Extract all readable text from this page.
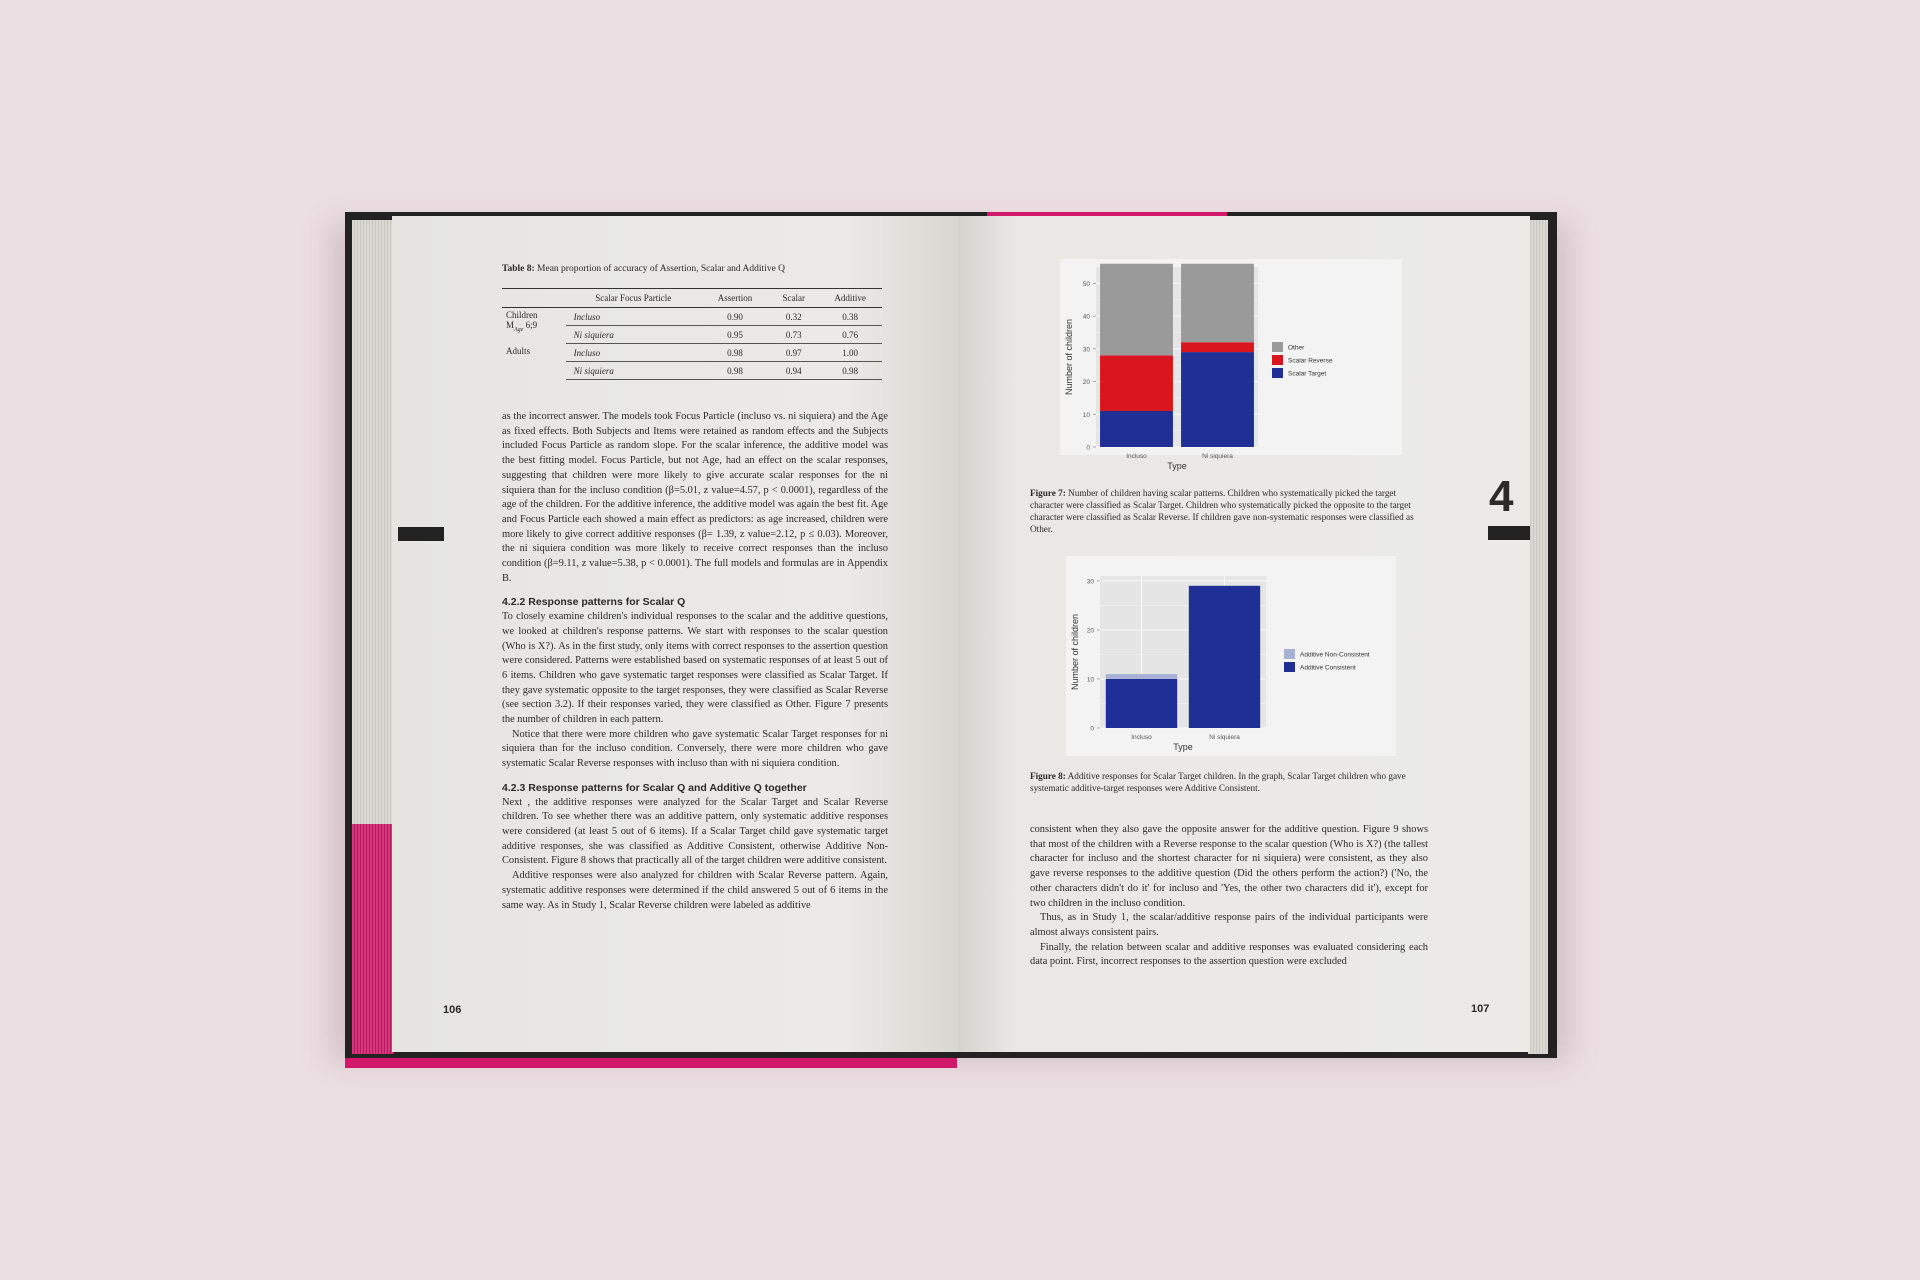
Table 8: Mean proportion of accuracy of Assertion, Scalar and Additive Q
	Scalar Focus Particle	Assertion	Scalar	Additive
Children
$M_{Age}$ 6;9	Incluso	0.90	0.32	0.38
	Ni siquiera	0.95	0.73	0.76
Adults	Incluso	0.98	0.97	1.00
	Ni siquiera	0.98	0.94	0.98

as the incorrect answer. The models took Focus Particle (incluso vs. ni siquiera) and the Age as fixed effects. Both Subjects and Items were retained as random effects and the Subjects included Focus Particle as random slope. For the scalar inference, the additive model was the best fitting model. Focus Particle, but not Age, had an effect on the scalar responses, suggesting that children were more likely to give accurate scalar responses for the ni siquiera than for the incluso condition (β=5.01, z value=4.57, p < 0.0001), regardless of the age of the children. For the additive inference, the additive model was again the best fit. Age and Focus Particle each showed a main effect as predictors: as age increased, children were more likely to give correct additive responses (β= 1.39, z value=2.12, p ≤ 0.03). Moreover, the ni siquiera condition was more likely to receive correct responses than the incluso condition (β=9.11, z value=5.38, p < 0.0001). The full models and formulas are in Appendix B.

4.2.2 Response patterns for Scalar Q

To closely examine children's individual responses to the scalar and the additive questions, we looked at children's response patterns. We start with responses to the scalar question (Who is X?). As in the first study, only items with correct responses to the assertion question were considered. Patterns were established based on systematic responses of at least 5 out of 6 items. Children who gave systematic target responses were classified as Scalar Target. If they gave systematic opposite to the target responses, they were classified as Scalar Reverse (see section 3.2). If their responses varied, they were classified as Other. Figure 7 presents the number of children in each pattern.

Notice that there were more children who gave systematic Scalar Target responses for ni siquiera than for the incluso condition. Conversely, there were more children who gave systematic Scalar Reverse responses with incluso than with ni siquiera condition.

4.2.3 Response patterns for Scalar Q and Additive Q together

Next , the additive responses were analyzed for the Scalar Target and Scalar Reverse children. To see whether there was an additive pattern, only systematic additive responses were considered (at least 5 out of 6 items). If a Scalar Target child gave systematic target additive responses, she was classified as Additive Consistent, otherwise Additive Non-Consistent. Figure 8 shows that practically all of the target children were additive consistent.

Additive responses were also analyzed for children with Scalar Reverse pattern. Again, systematic additive responses were determined if the child answered 5 out of 6 items in the same way. As in Study 1, Scalar Reverse children were labeled as additive

106
0
10
20
30
40
50
Incluso	Ni siquiera
Type
Number of children	Other
Scalar Reverse
Scalar Target
Figure 7: Number of children having scalar patterns. Children who systematically picked the target character were classified as Scalar Target. Children who systematically picked the opposite to the target character were classified as Scalar Reverse. If children gave non-systematic responses were classified as Other.
0
10
20
30
Incluso	Ni siquiera
Type
Number of children	Additive Non-Consistent
Additive Consistent
Figure 8: Additive responses for Scalar Target children. In the graph, Scalar Target children who gave systematic additive-target responses were Additive Consistent.

consistent when they also gave the opposite answer for the additive question. Figure 9 shows that most of the children with a Reverse response to the scalar question (Who is X?) (the tallest character for incluso and the shortest character for ni siquiera) were consistent, as they also gave reverse responses to the additive question (Did the others perform the action?) ('No, the other characters didn't do it' for incluso and 'Yes, the other two characters did it'), except for two children in the incluso condition.

Thus, as in Study 1, the scalar/additive response pairs of the individual participants were almost always consistent pairs.

Finally, the relation between scalar and additive responses was evaluated considering each data point. First, incorrect responses to the assertion question were excluded

4
107
